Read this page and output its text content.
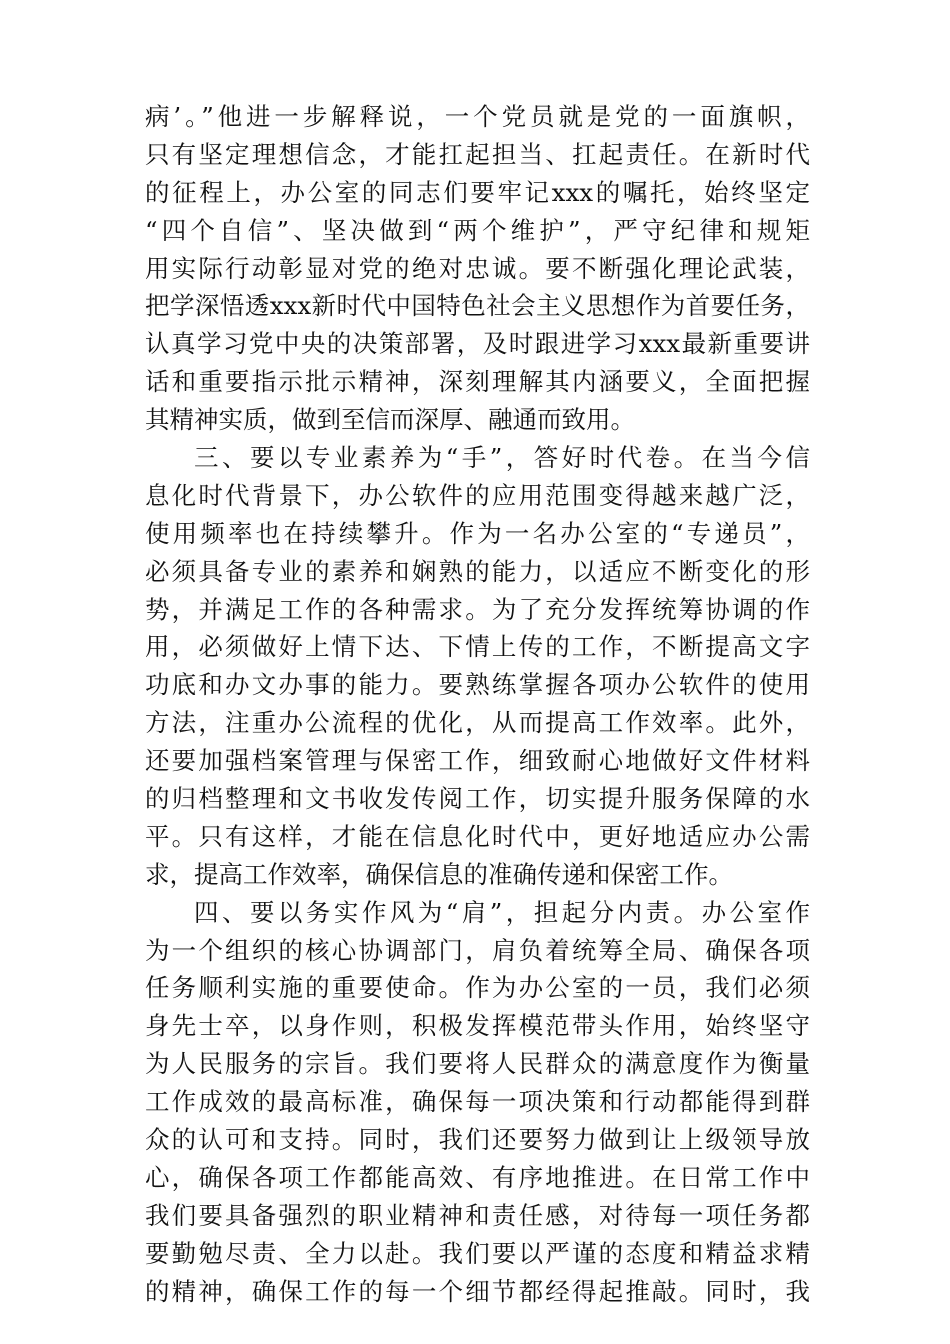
病’。”他进一步解释说，一个党员就是党的一面旗帜，
只有坚定理想信念，才能扛起担当、扛起责任。在新时代
的征程上，办公室的同志们要牢记xxx的嘱托，始终坚定
“四个自信”、坚决做到“两个维护”，严守纪律和规矩
用实际行动彰显对党的绝对忠诚。要不断强化理论武装，
把学深悟透xxx新时代中国特色社会主义思想作为首要任务，
认真学习党中央的决策部署，及时跟进学习xxx最新重要讲
话和重要指示批示精神，深刻理解其内涵要义，全面把握
其精神实质，做到至信而深厚、融通而致用。
三、要以专业素养为“手”，答好时代卷。在当今信
息化时代背景下，办公软件的应用范围变得越来越广泛，
使用频率也在持续攀升。作为一名办公室的“专递员”，
必须具备专业的素养和娴熟的能力，以适应不断变化的形
势，并满足工作的各种需求。为了充分发挥统筹协调的作
用，必须做好上情下达、下情上传的工作，不断提高文字
功底和办文办事的能力。要熟练掌握各项办公软件的使用
方法，注重办公流程的优化，从而提高工作效率。此外，
还要加强档案管理与保密工作，细致耐心地做好文件材料
的归档整理和文书收发传阅工作，切实提升服务保障的水
平。只有这样，才能在信息化时代中，更好地适应办公需
求，提高工作效率，确保信息的准确传递和保密工作。
四、要以务实作风为“肩”，担起分内责。办公室作
为一个组织的核心协调部门，肩负着统筹全局、确保各项
任务顺利实施的重要使命。作为办公室的一员，我们必须
身先士卒，以身作则，积极发挥模范带头作用，始终坚守
为人民服务的宗旨。我们要将人民群众的满意度作为衡量
工作成效的最高标准，确保每一项决策和行动都能得到群
众的认可和支持。同时，我们还要努力做到让上级领导放
心，确保各项工作都能高效、有序地推进。在日常工作中
我们要具备强烈的职业精神和责任感，对待每一项任务都
要勤勉尽责、全力以赴。我们要以严谨的态度和精益求精
的精神，确保工作的每一个细节都经得起推敲。同时，我
